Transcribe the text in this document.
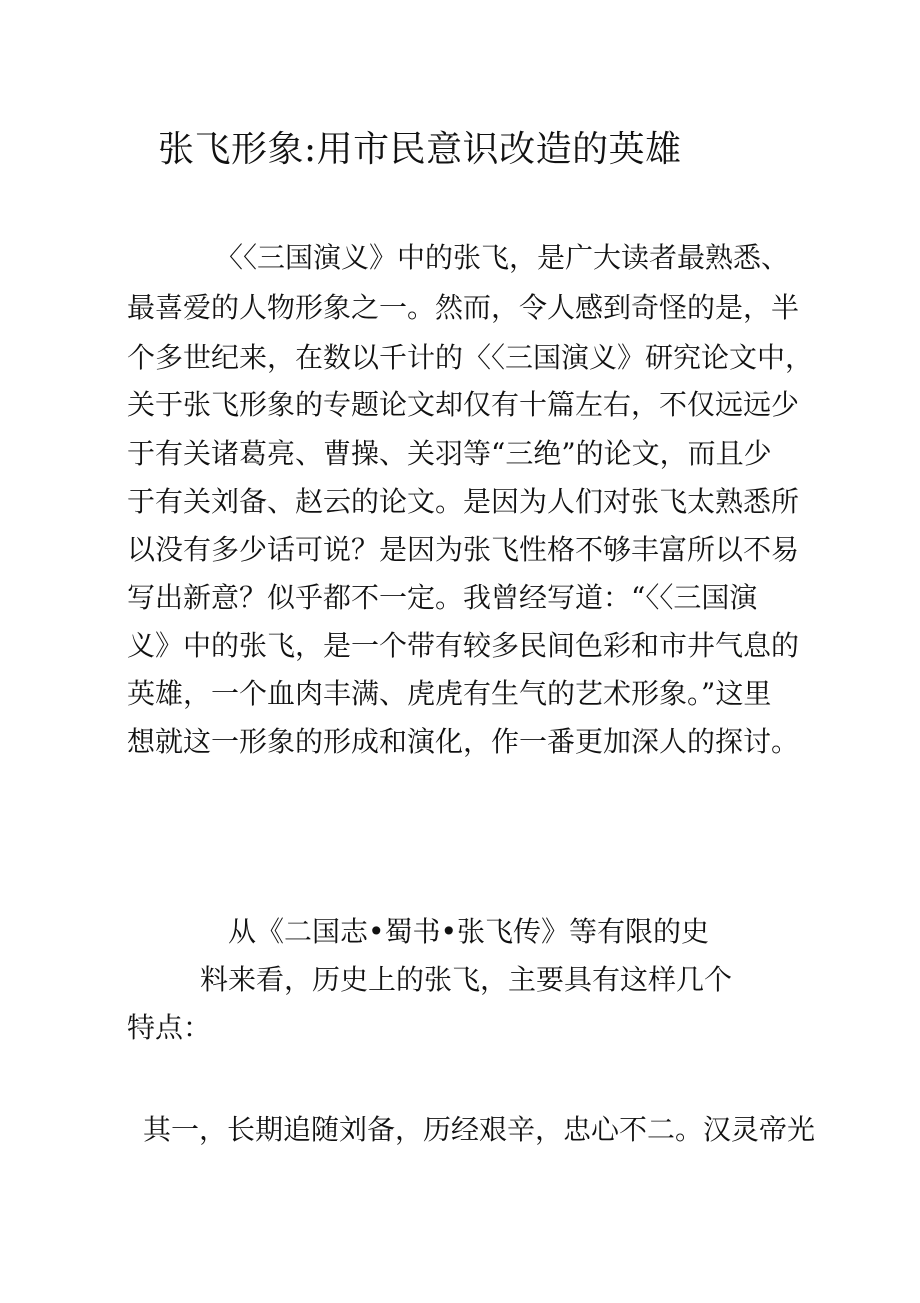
张飞形象:用市民意识改造的英雄
〈〈三国演义》中的张飞，是广大读者最熟悉、
最喜爱的人物形象之一。然而，令人感到奇怪的是，半
个多世纪来，在数以千计的〈〈三国演义》研究论文中，
关于张飞形象的专题论文却仅有十篇左右，不仅远远少
于有关诸葛亮、曹操、关羽等“三绝”的论文，而且少
于有关刘备、赵云的论文。是因为人们对张飞太熟悉所
以没有多少话可说？是因为张飞性格不够丰富所以不易
写出新意？似乎都不一定。我曾经写道：“〈〈三国演
义》中的张飞，是一个带有较多民间色彩和市井气息的
英雄，一个血肉丰满、虎虎有生气的艺术形象。”这里
想就这一形象的形成和演化，作一番更加深人的探讨。
从《二国志•蜀书•张飞传》等有限的史
料来看，历史上的张飞，主要具有这样几个
特点：
其一，长期追随刘备，历经艰辛，忠心不二。汉灵帝光
